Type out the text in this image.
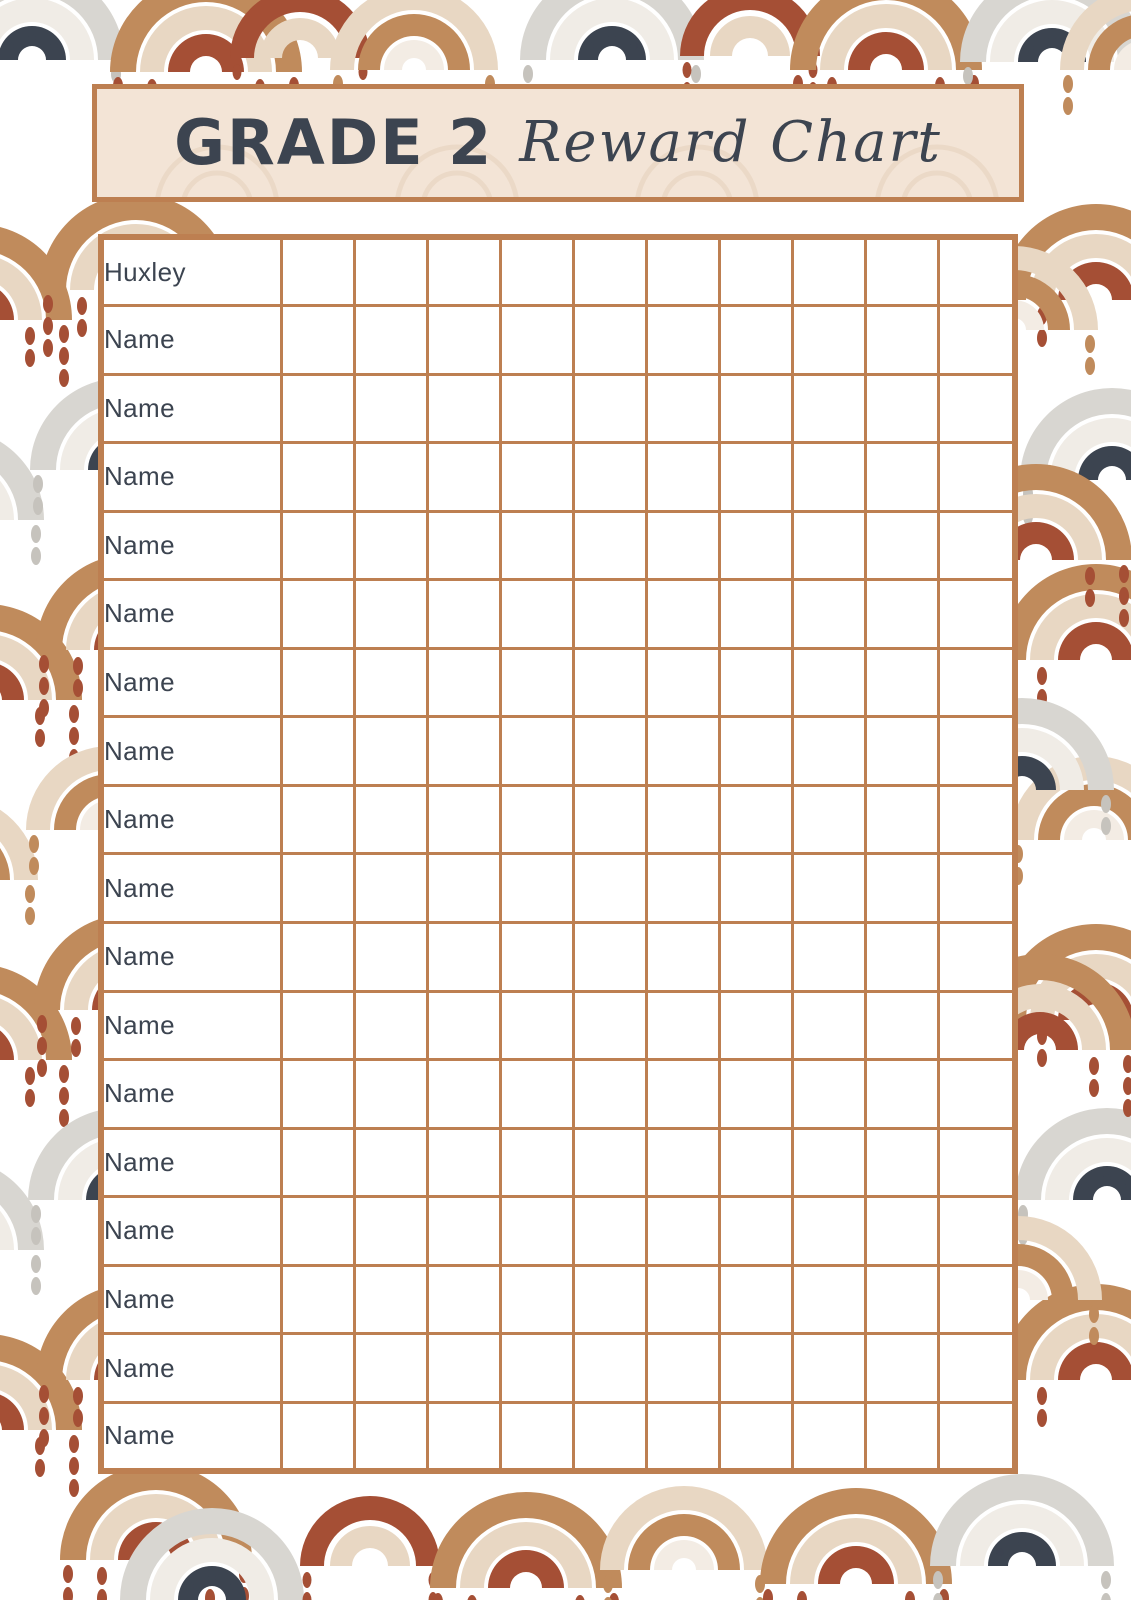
GRADE 2 Reward Chart
Huxley										
Name										
Name										
Name										
Name										
Name										
Name										
Name										
Name										
Name										
Name										
Name										
Name										
Name										
Name										
Name										
Name										
Name										
